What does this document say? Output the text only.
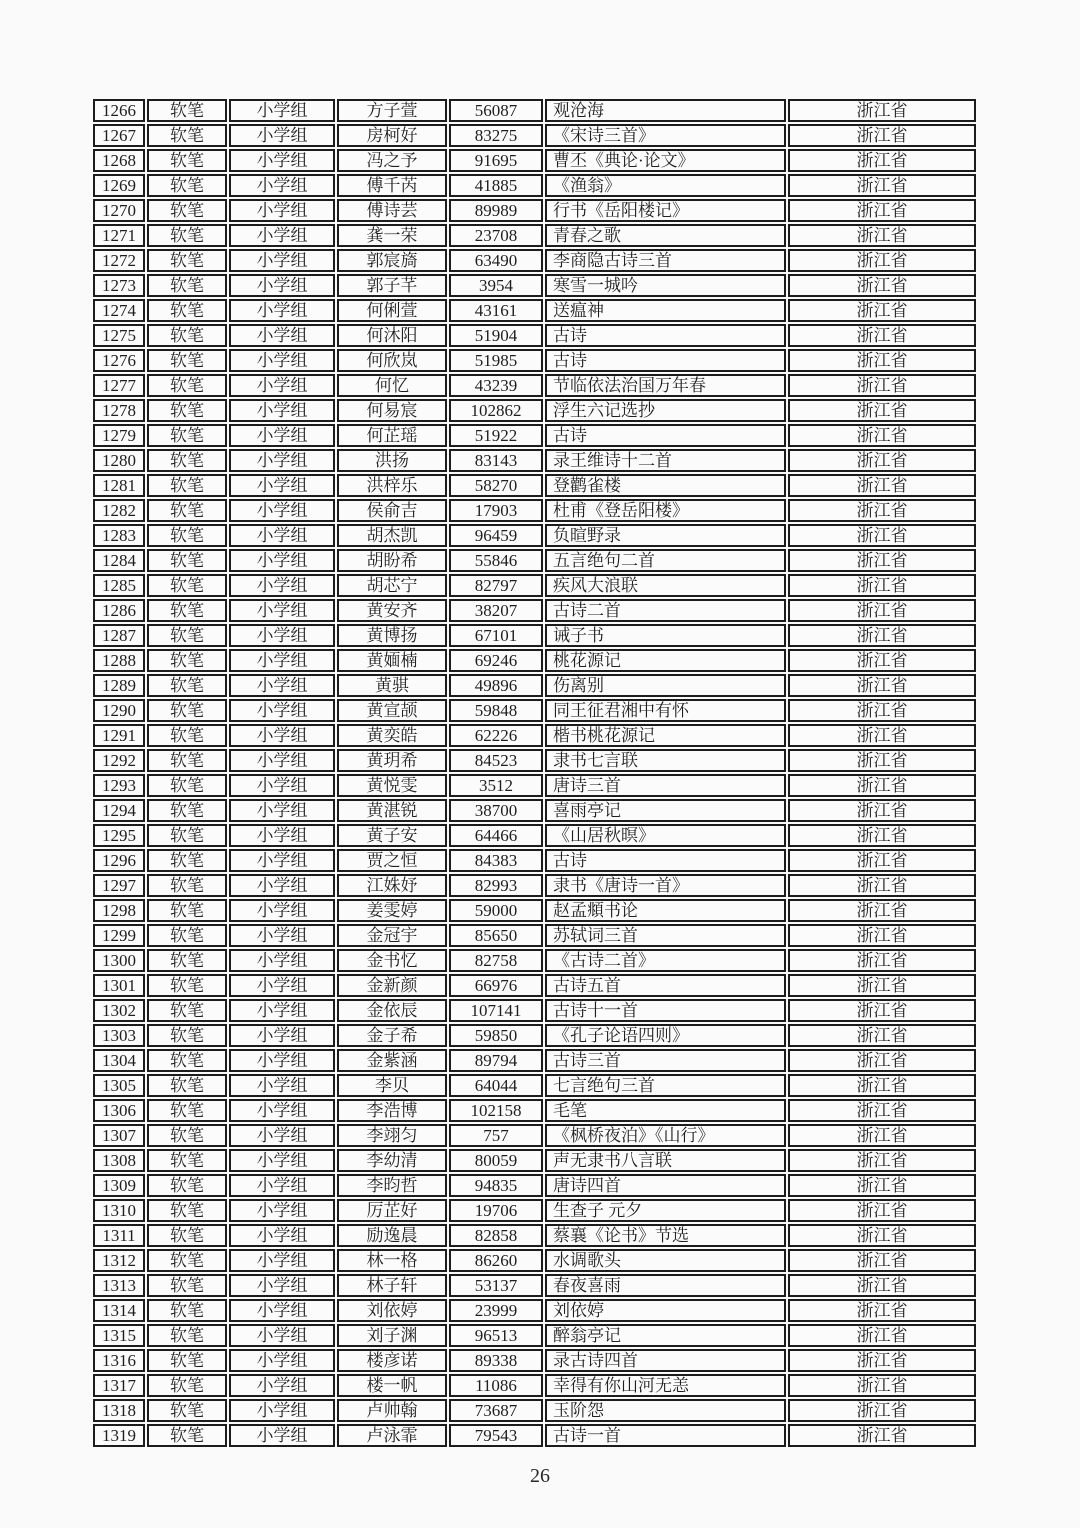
1266	软笔	小学组	方子萱	56087	观沧海	浙江省
1267	软笔	小学组	房柯好	83275	《宋诗三首》	浙江省
1268	软笔	小学组	冯之予	91695	曹丕《典论·论文》	浙江省
1269	软笔	小学组	傅千芮	41885	《渔翁》	浙江省
1270	软笔	小学组	傅诗芸	89989	行书《岳阳楼记》	浙江省
1271	软笔	小学组	龚一荣	23708	青春之歌	浙江省
1272	软笔	小学组	郭宸旖	63490	李商隐古诗三首	浙江省
1273	软笔	小学组	郭子芊	3954	寒雪一城吟	浙江省
1274	软笔	小学组	何俐萱	43161	送瘟神	浙江省
1275	软笔	小学组	何沐阳	51904	古诗	浙江省
1276	软笔	小学组	何欣岚	51985	古诗	浙江省
1277	软笔	小学组	何忆	43239	节临依法治国万年春	浙江省
1278	软笔	小学组	何易宸	102862	浮生六记选抄	浙江省
1279	软笔	小学组	何芷瑶	51922	古诗	浙江省
1280	软笔	小学组	洪扬	83143	录王维诗十二首	浙江省
1281	软笔	小学组	洪梓乐	58270	登鹳雀楼	浙江省
1282	软笔	小学组	侯俞吉	17903	杜甫《登岳阳楼》	浙江省
1283	软笔	小学组	胡杰凯	96459	负暄野录	浙江省
1284	软笔	小学组	胡盼希	55846	五言绝句二首	浙江省
1285	软笔	小学组	胡芯宁	82797	疾风大浪联	浙江省
1286	软笔	小学组	黄安齐	38207	古诗二首	浙江省
1287	软笔	小学组	黄博扬	67101	诫子书	浙江省
1288	软笔	小学组	黄媔楠	69246	桃花源记	浙江省
1289	软笔	小学组	黄骐	49896	伤离别	浙江省
1290	软笔	小学组	黄宣颉	59848	同王征君湘中有怀	浙江省
1291	软笔	小学组	黄奕皓	62226	楷书桃花源记	浙江省
1292	软笔	小学组	黄玥希	84523	隶书七言联	浙江省
1293	软笔	小学组	黄悦雯	3512	唐诗三首	浙江省
1294	软笔	小学组	黄湛锐	38700	喜雨亭记	浙江省
1295	软笔	小学组	黄子安	64466	《山居秋暝》	浙江省
1296	软笔	小学组	贾之恒	84383	古诗	浙江省
1297	软笔	小学组	江姝妤	82993	隶书《唐诗一首》	浙江省
1298	软笔	小学组	姜雯婷	59000	赵孟頫书论	浙江省
1299	软笔	小学组	金冠宇	85650	苏轼词三首	浙江省
1300	软笔	小学组	金书忆	82758	《古诗二首》	浙江省
1301	软笔	小学组	金新颜	66976	古诗五首	浙江省
1302	软笔	小学组	金依辰	107141	古诗十一首	浙江省
1303	软笔	小学组	金子希	59850	《孔子论语四则》	浙江省
1304	软笔	小学组	金紫涵	89794	古诗三首	浙江省
1305	软笔	小学组	李贝	64044	七言绝句三首	浙江省
1306	软笔	小学组	李浩博	102158	毛笔	浙江省
1307	软笔	小学组	李翊匀	757	《枫桥夜泊》《山行》	浙江省
1308	软笔	小学组	李幼清	80059	声无隶书八言联	浙江省
1309	软笔	小学组	李昀哲	94835	唐诗四首	浙江省
1310	软笔	小学组	厉芷好	19706	生查子 元夕	浙江省
1311	软笔	小学组	励逸晨	82858	蔡襄《论书》节选	浙江省
1312	软笔	小学组	林一格	86260	水调歌头	浙江省
1313	软笔	小学组	林子轩	53137	春夜喜雨	浙江省
1314	软笔	小学组	刘依婷	23999	刘依婷	浙江省
1315	软笔	小学组	刘子渊	96513	醉翁亭记	浙江省
1316	软笔	小学组	楼彦诺	89338	录古诗四首	浙江省
1317	软笔	小学组	楼一帆	11086	幸得有你山河无恙	浙江省
1318	软笔	小学组	卢帅翰	73687	玉阶怨	浙江省
1319	软笔	小学组	卢泳霏	79543	古诗一首	浙江省
26
